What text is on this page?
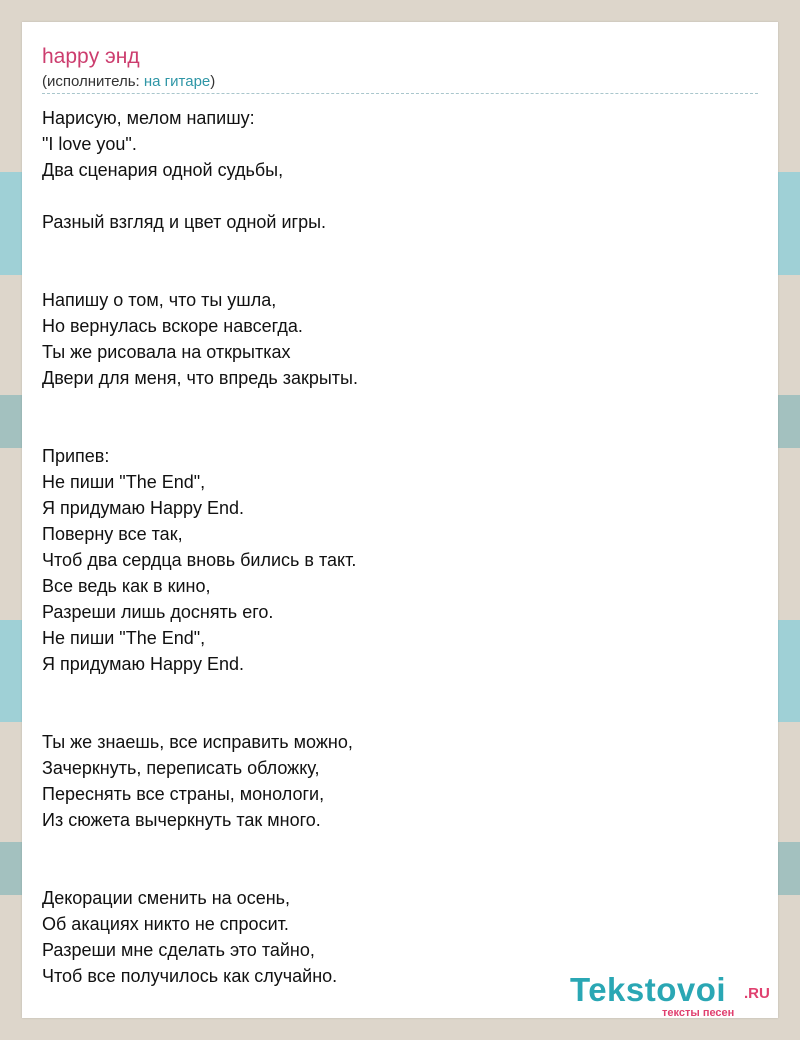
happy энд
(исполнитель: на гитаре)
Нарисую, мелом напишу:
"I love you".
Два сценария одной судьбы,
Разный взгляд и цвет одной игры.
Напишу о том, что ты ушла,
Но вернулась вскоре навсегда.
Ты же рисовала на открытках
Двери для меня, что впредь закрыты.
Припев:
Не пиши "The End",
Я придумаю Happy End.
Поверну все так,
Чтоб два сердца вновь бились в такт.
Все ведь как в кино,
Разреши лишь доснять его.
Не пиши "The End",
Я придумаю Happy End.
Ты же знаешь, все исправить можно,
Зачеркнуть, переписать обложку,
Переснять все страны, монологи,
Из сюжета вычеркнуть так много.
Декорации сменить на осень,
Об акациях никто не спросит.
Разреши мне сделать это тайно,
Чтоб все получилось как случайно.	Tekstovoi .RU
тексты песен
